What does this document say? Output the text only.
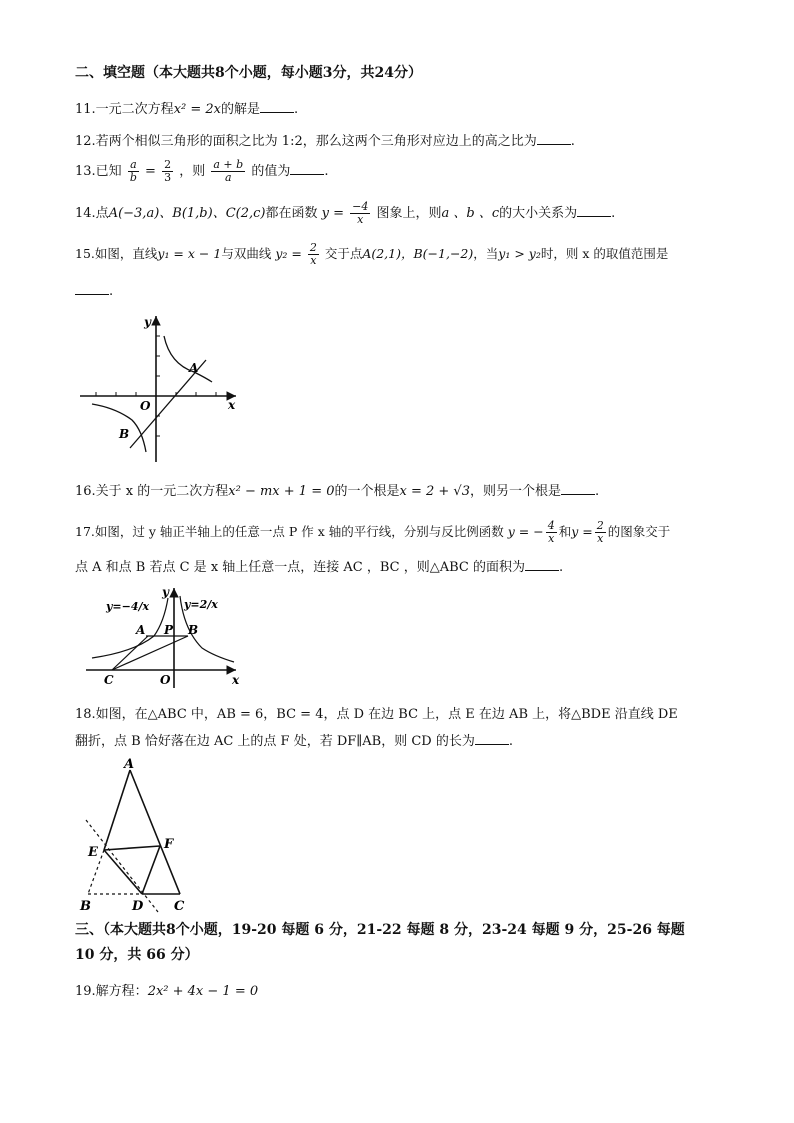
二、填空题（本大题共8个小题，每小题3分，共24分）
11.一元二次方程x² = 2x的解是	.
12.若两个相似三角形的面积之比为 1:2，那么这两个三角形对应边上的高之比为	.
13.已知 $\frac{a}{b} = \frac{2}{3}$ ，则 $\frac{a + b}{a}$ 的值为	.
14.点A(−3,a)、B(1,b)、C(2,c)都在函数 $y = \frac{-4}{x}$ 图象上，则a 、b 、c的大小关系为	.
15.如图，直线y₁ = x − 1与双曲线 $y_2 = \frac{2}{x}$ 交于点A(2,1)，B(−1,−2)，当y₁ > y₂时，则 x 的取值范围是
.
x
y
O
A
B
16.关于 x 的一元二次方程x² − mx + 1 = 0的一个根是x = 2 + √3，则另一个根是	.
17.如图，过 y 轴正半轴上的任意一点 P 作 x 轴的平行线，分别与反比例函数 y = − $\frac{4}{x}$ 和$y = \frac{2}{x}$ 的图象交于
点 A 和点 B 若点 C 是 x 轴上任意一点，连接 AC ，BC ，则△ABC 的面积为	.
y=−4/x	y=2/x
y
x
O
A P B
C
18.如图，在△ABC 中，AB = 6，BC = 4，点 D 在边 BC 上，点 E 在边 AB 上，将△BDE 沿直线 DE
翻折，点 B 恰好落在边 AC 上的点 F 处，若 DF∥AB，则 CD 的长为	.
A
E
F
B	D C
三、（本大题共8个小题，19-20 每题 6 分，21-22 每题 8 分，23-24 每题 9 分，25-26 每题
10 分，共 66 分）
19.解方程：2x² + 4x − 1 = 0
